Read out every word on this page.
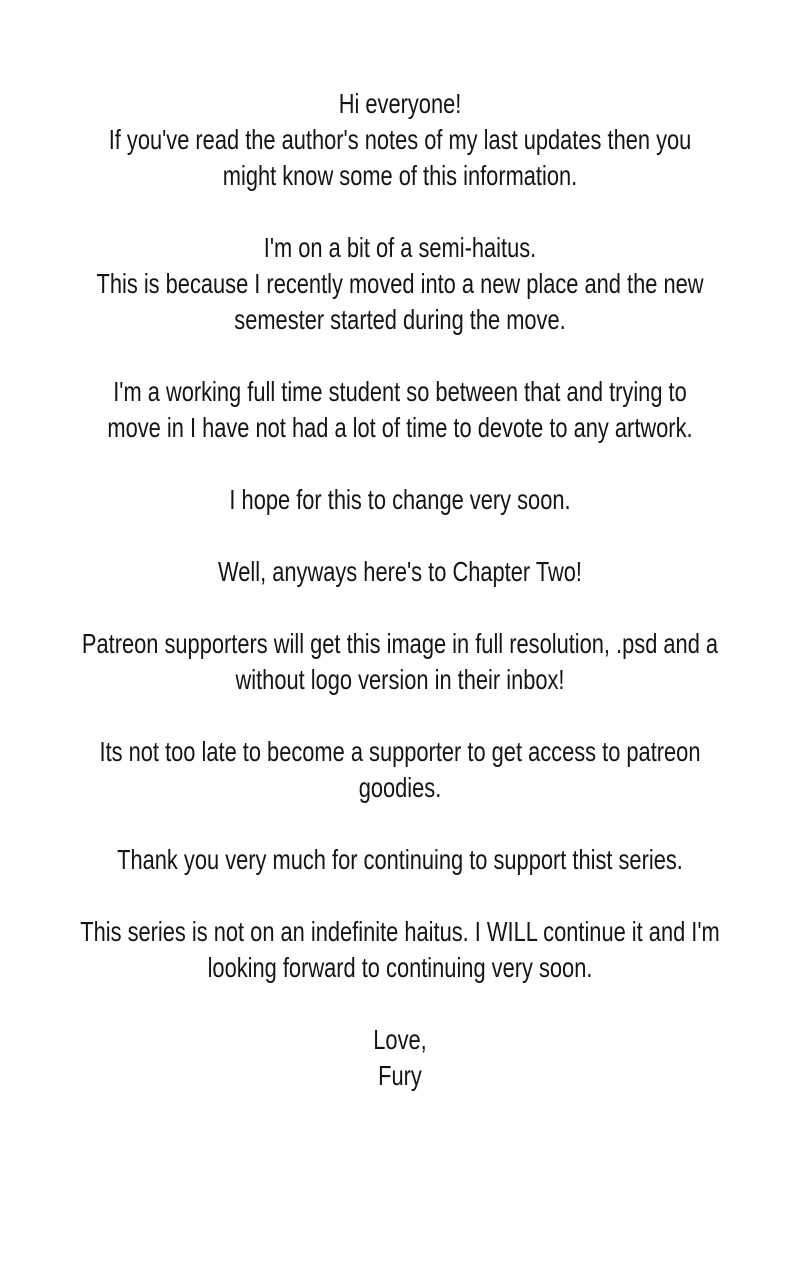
Hi everyone!
If you've read the author's notes of my last updates then you
might know some of this information.

I'm on a bit of a semi-haitus.
This is because I recently moved into a new place and the new
semester started during the move.

I'm a working full time student so between that and trying to
move in I have not had a lot of time to devote to any artwork.

I hope for this to change very soon.

Well, anyways here's to Chapter Two!

Patreon supporters will get this image in full resolution, .psd and a
without logo version in their inbox!

Its not too late to become a supporter to get access to patreon
goodies.

Thank you very much for continuing to support thist series.

This series is not on an indefinite haitus. I WILL continue it and I'm
looking forward to continuing very soon.

Love,
Fury
